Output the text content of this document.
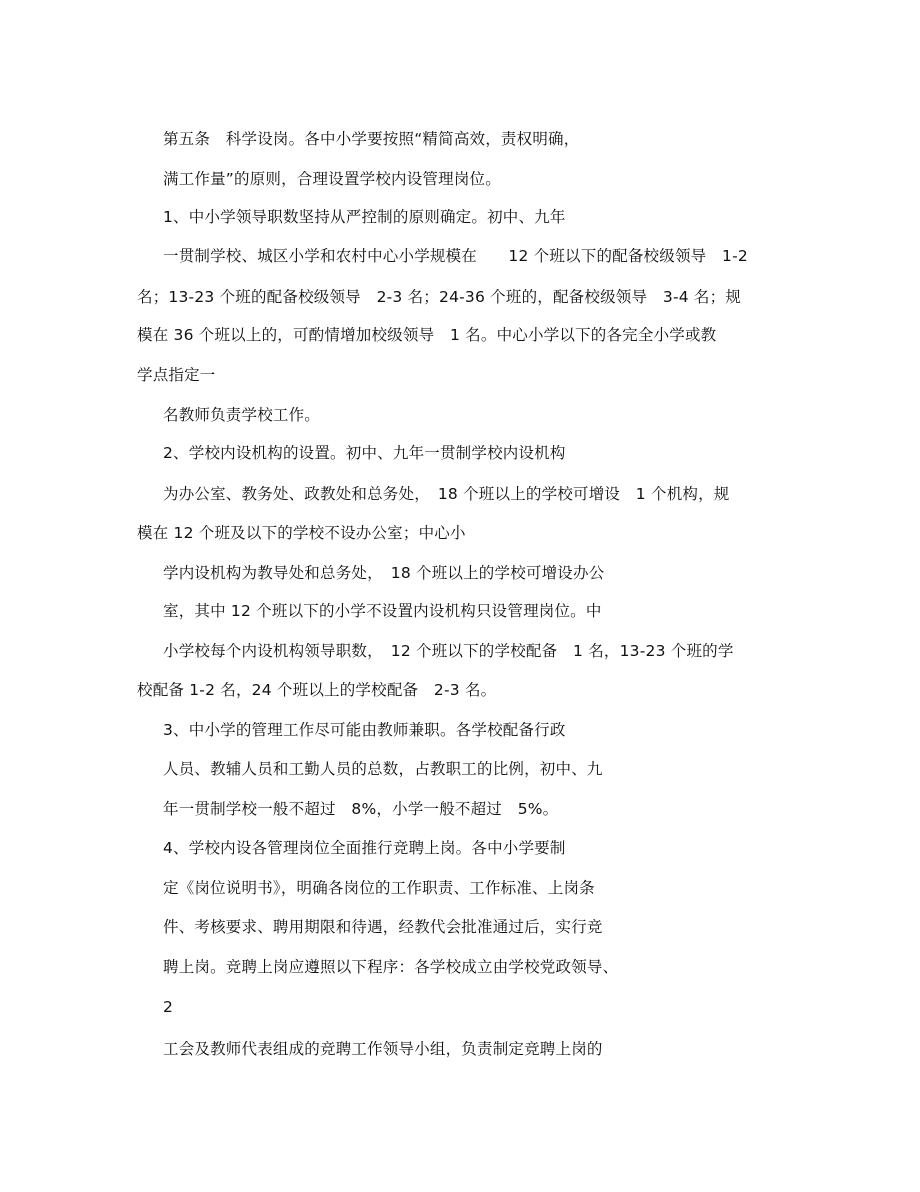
第五条　科学设岗。各中小学要按照“精简高效，责权明确，
满工作量”的原则，合理设置学校内设管理岗位。
1、中小学领导职数坚持从严控制的原则确定。初中、九年
一贯制学校、城区小学和农村中心小学规模在　　12 个班以下的配备校级领导　1-2
名；13-23 个班的配备校级领导　2-3 名；24-36 个班的，配备校级领导　3-4 名；规
模在 36 个班以上的，可酌情增加校级领导　1 名。中心小学以下的各完全小学或教
学点指定一
名教师负责学校工作。
2、学校内设机构的设置。初中、九年一贯制学校内设机构
为办公室、教务处、政教处和总务处，　18 个班以上的学校可增设　1 个机构，规
模在 12 个班及以下的学校不设办公室；中心小
学内设机构为教导处和总务处，　18 个班以上的学校可增设办公
室，其中 12 个班以下的小学不设置内设机构只设管理岗位。中
小学校每个内设机构领导职数，　12 个班以下的学校配备　1 名，13-23 个班的学
校配备 1-2 名，24 个班以上的学校配备　2-3 名。
3、中小学的管理工作尽可能由教师兼职。各学校配备行政
人员、教辅人员和工勤人员的总数，占教职工的比例，初中、九
年一贯制学校一般不超过　8%，小学一般不超过　5%。
4、学校内设各管理岗位全面推行竞聘上岗。各中小学要制
定《岗位说明书》，明确各岗位的工作职责、工作标准、上岗条
件、考核要求、聘用期限和待遇，经教代会批准通过后，实行竞
聘上岗。竞聘上岗应遵照以下程序：各学校成立由学校党政领导、
2
工会及教师代表组成的竞聘工作领导小组，负责制定竞聘上岗的
